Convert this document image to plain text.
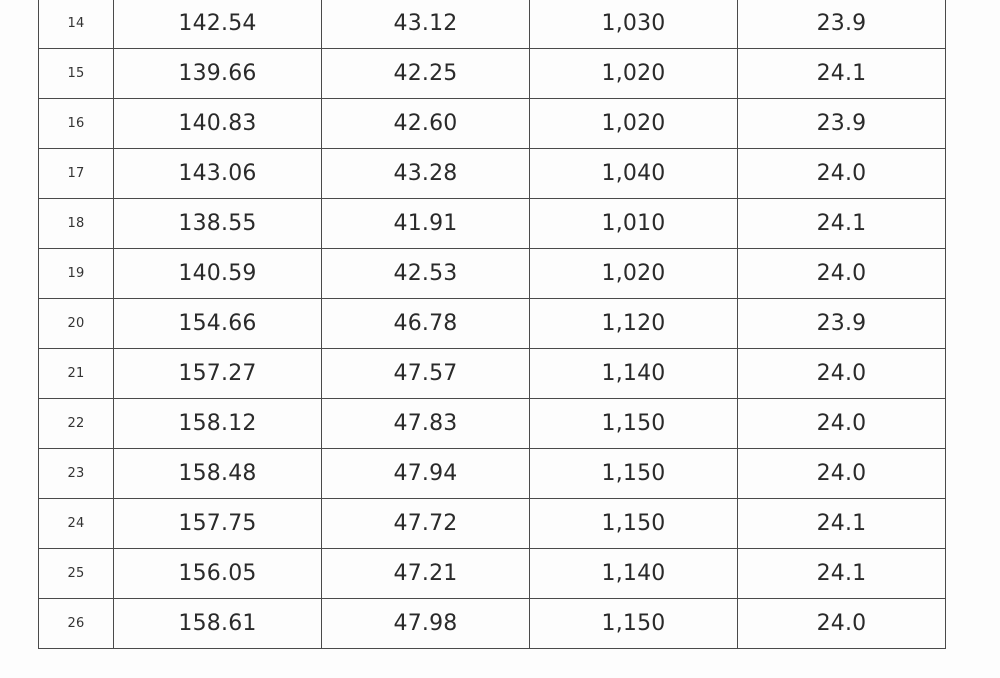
14	142.54	43.12	1,030	23.9
15	139.66	42.25	1,020	24.1
16	140.83	42.60	1,020	23.9
17	143.06	43.28	1,040	24.0
18	138.55	41.91	1,010	24.1
19	140.59	42.53	1,020	24.0
20	154.66	46.78	1,120	23.9
21	157.27	47.57	1,140	24.0
22	158.12	47.83	1,150	24.0
23	158.48	47.94	1,150	24.0
24	157.75	47.72	1,150	24.1
25	156.05	47.21	1,140	24.1
26	158.61	47.98	1,150	24.0
